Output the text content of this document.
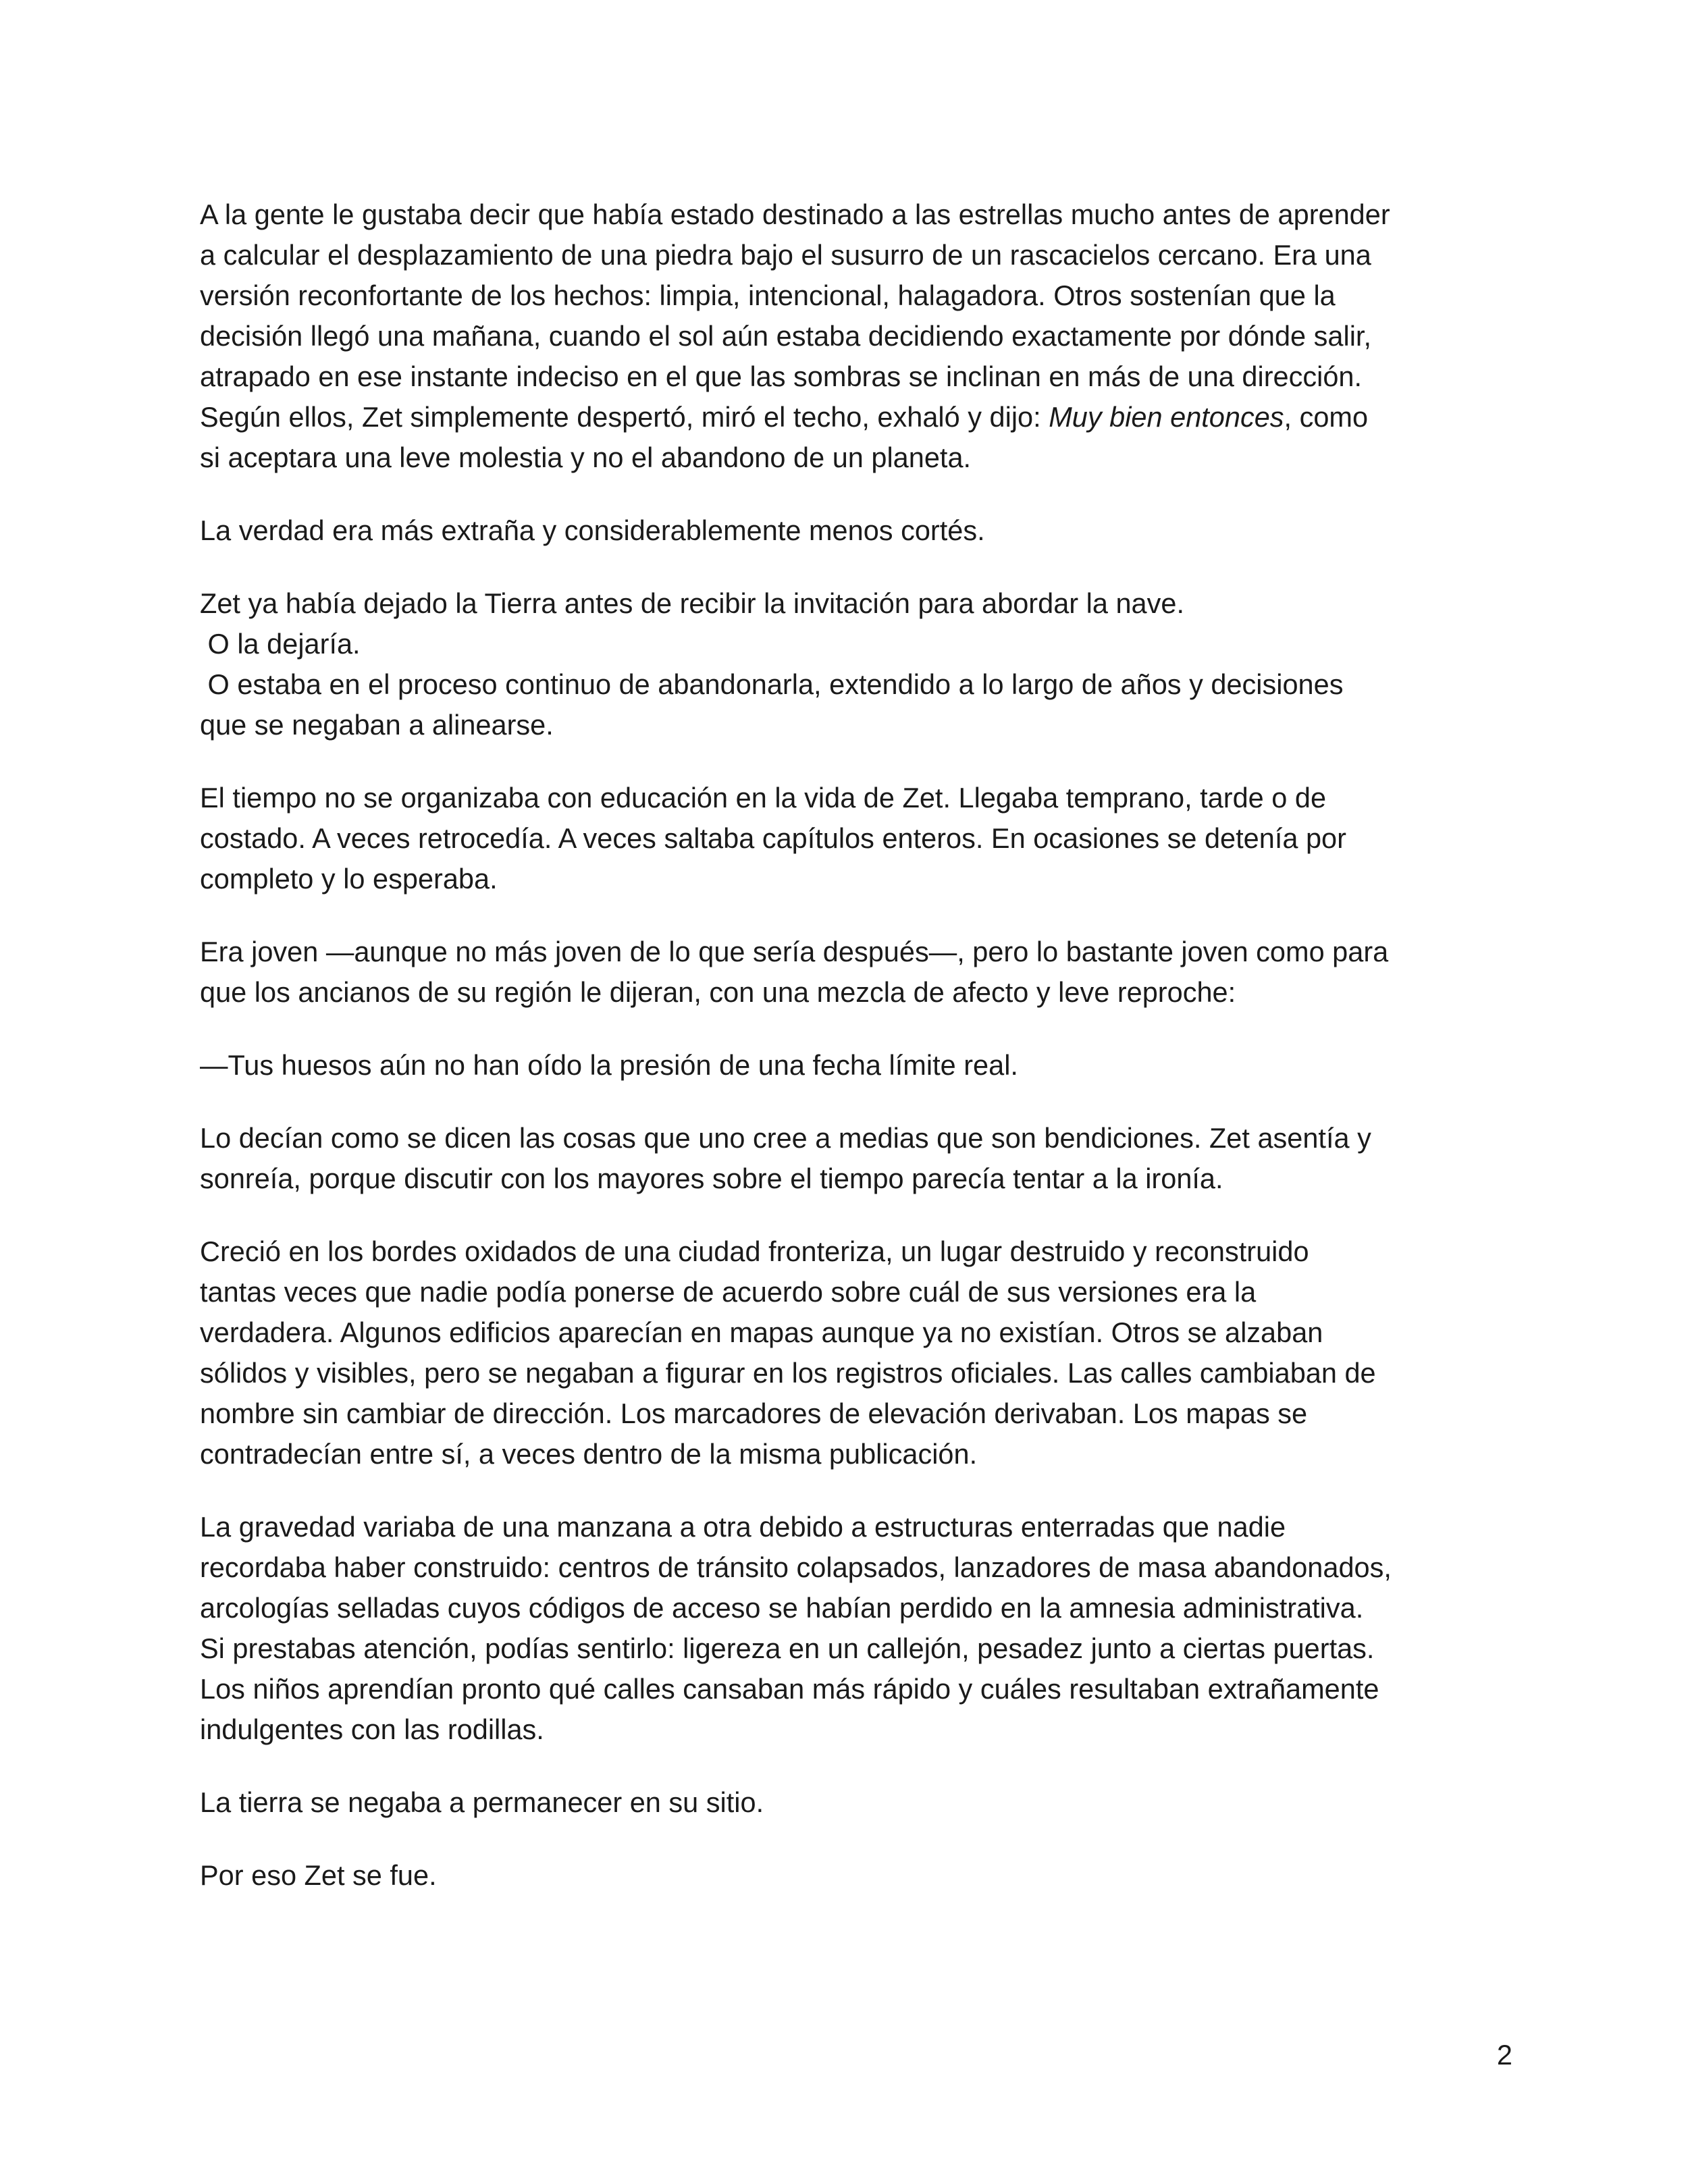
A la gente le gustaba decir que había estado destinado a las estrellas mucho antes de aprender
a calcular el desplazamiento de una piedra bajo el susurro de un rascacielos cercano. Era una
versión reconfortante de los hechos: limpia, intencional, halagadora. Otros sostenían que la
decisión llegó una mañana, cuando el sol aún estaba decidiendo exactamente por dónde salir,
atrapado en ese instante indeciso en el que las sombras se inclinan en más de una dirección.
Según ellos, Zet simplemente despertó, miró el techo, exhaló y dijo: Muy bien entonces, como
si aceptara una leve molestia y no el abandono de un planeta.

La verdad era más extraña y considerablemente menos cortés.

Zet ya había dejado la Tierra antes de recibir la invitación para abordar la nave.
O la dejaría.
O estaba en el proceso continuo de abandonarla, extendido a lo largo de años y decisiones
que se negaban a alinearse.

El tiempo no se organizaba con educación en la vida de Zet. Llegaba temprano, tarde o de
costado. A veces retrocedía. A veces saltaba capítulos enteros. En ocasiones se detenía por
completo y lo esperaba.

Era joven —aunque no más joven de lo que sería después—, pero lo bastante joven como para
que los ancianos de su región le dijeran, con una mezcla de afecto y leve reproche:

—Tus huesos aún no han oído la presión de una fecha límite real.

Lo decían como se dicen las cosas que uno cree a medias que son bendiciones. Zet asentía y
sonreía, porque discutir con los mayores sobre el tiempo parecía tentar a la ironía.

Creció en los bordes oxidados de una ciudad fronteriza, un lugar destruido y reconstruido
tantas veces que nadie podía ponerse de acuerdo sobre cuál de sus versiones era la
verdadera. Algunos edificios aparecían en mapas aunque ya no existían. Otros se alzaban
sólidos y visibles, pero se negaban a figurar en los registros oficiales. Las calles cambiaban de
nombre sin cambiar de dirección. Los marcadores de elevación derivaban. Los mapas se
contradecían entre sí, a veces dentro de la misma publicación.

La gravedad variaba de una manzana a otra debido a estructuras enterradas que nadie
recordaba haber construido: centros de tránsito colapsados, lanzadores de masa abandonados,
arcologías selladas cuyos códigos de acceso se habían perdido en la amnesia administrativa.
Si prestabas atención, podías sentirlo: ligereza en un callejón, pesadez junto a ciertas puertas.
Los niños aprendían pronto qué calles cansaban más rápido y cuáles resultaban extrañamente
indulgentes con las rodillas.

La tierra se negaba a permanecer en su sitio.

Por eso Zet se fue.

2
